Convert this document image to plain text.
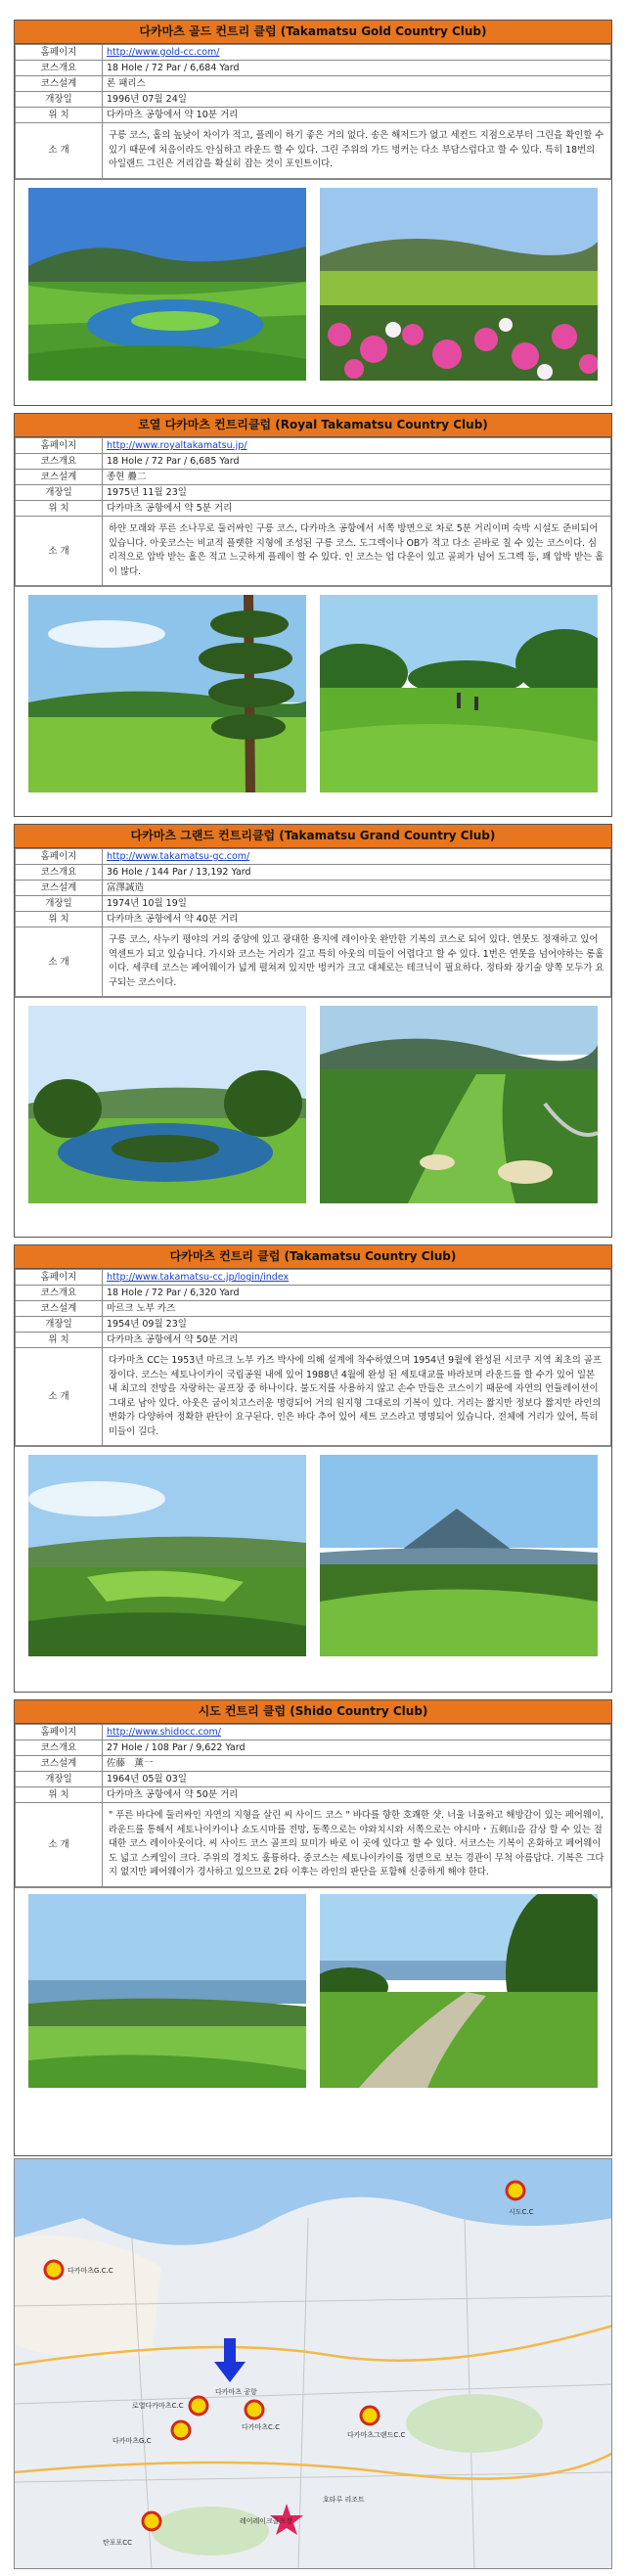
다카마츠 골드 컨트리 클럽 (Takamatsu Gold Country Club)
홈페이지	http://www.gold-cc.com/
코스개요	18 Hole / 72 Par / 6,684 Yard
코스설계	론 패리스
개장일	1996년 07월 24일
위 치	다카마츠 공항에서 약 10분 거리
소 개	구릉 코스, 홀의 높낮이 차이가 적고, 플레이 하기 좋은 거의 없다. 송은 해저드가 없고 세컨드 지점으로부터 그린을 확인할 수 있기 때문에 처음이라도 안심하고 라운드 할 수 있다. 그린 주위의 가드 벙커는 다소 부담스럽다고 할 수 있다. 특히 18번의 아일랜드 그린은 거리감을 확실히 잡는 것이 포인트이다.
로열 다카마츠 컨트리클럽 (Royal Takamatsu Country Club)
홈페이지	http://www.royaltakamatsu.jp/
코스개요	18 Hole / 72 Par / 6,685 Yard
코스설계	종현 疊二
개장일	1975년 11월 23일
위 치	다카마츠 공항에서 약 5분 거리
소 개	하얀 모래와 푸른 소나무로 둘러싸인 구릉 코스, 다카마츠 공항에서 서쪽 방면으로 차로 5분 거리이며 숙박 시설도 준비되어 있습니다. 아웃코스는 비교적 플랫한 지형에 조성된 구릉 코스. 도그렉이나 OB가 적고 다소 곧바로 칠 수 있는 코스이다. 심리적으로 압박 받는 홀은 적고 느긋하게 플레이 할 수 있다. 인 코스는 업 다운이 있고 골퍼가 넘어 도그렉 등, 꽤 압박 받는 홀이 많다.
다카마츠 그랜드 컨트리클럽 (Takamatsu Grand Country Club)
홈페이지	http://www.takamatsu-gc.com/
코스개요	36 Hole / 144 Par / 13,192 Yard
코스설계	富澤誠造
개장일	1974년 10월 19일
위 치	다카마츠 공항에서 약 40분 거리
소 개	구릉 코스, 사누키 평야의 거의 중앙에 있고 광대한 용지에 레이아웃 완만한 기복의 코스로 되어 있다. 연못도 정재하고 있어 역센트가 되고 있습니다. 가시와 코스는 거리가 길고 특히 아웃의 미들이 어렵다고 할 수 있다. 1번은 연못을 넘어야하는 롱홀이다. 세쿠테 코스는 페어웨이가 넓게 펼쳐져 있지만 벙커가 크고 대체로는 테크닉이 필요하다. 정타와 장기술 양쪽 모두가 요구되는 코스이다.
다카마츠 컨트리 클럽 (Takamatsu Country Club)
홈페이지	http://www.takamatsu-cc.jp/login/index
코스개요	18 Hole / 72 Par / 6,320 Yard
코스설계	마르크 노부 카즈
개장일	1954년 09월 23일
위 치	다카마츠 공항에서 약 50분 거리
소 개	다카마츠 CC는 1953년 마르크 노부 카즈 박사에 의해 설계에 착수하였으며 1954년 9월에 완성된 시코쿠 지역 최초의 골프장이다. 코스는 세토나이카이 국립공원 내에 있어 1988년 4월에 완성 된 세토대교를 바라보며 라운드를 할 수가 있어 일본 내 최고의 전망을 자랑하는 골프장 중 하나이다. 불도저를 사용하지 않고 손수 만들은 코스이기 때문에 자연의 언듈레이션이 그대로 남아 있다. 아웃은 굽이치고스러운 명령되어 거의 원지형 그대로의 기복이 있다. 거리는 짧지만 정보다 짧지만 라인의 변화가 다양하여 정확한 판단이 요구된다. 인은 바다 추어 있어 세트 코스라고 명명되어 있습니다. 전체에 거리가 있어, 특히 미들이 길다.
시도 컨트리 클럽 (Shido Country Club)
홈페이지	http://www.shidocc.com/
코스개요	27 Hole / 108 Par / 9,622 Yard
코스설계	佐藤　薰一
개장일	1964년 05월 03일
위 치	다카마츠 공항에서 약 50분 거리
소 개	" 푸른 바다에 둘러싸인 자연의 지형을 살린 씨 사이드 코스 " 바다를 향한 호쾌한 샷. 너울 너울하고 해방감이 있는 페어웨이, 라운드를 통해서 세토나이카이나 쇼도시마를 전망, 동쪽으로는 야와치시와 서쪽으로는 야시마・五剣山을 감상 할 수 있는 절대한 코스 레이아웃이다. 씨 사이드 코스 골프의 묘미가 바로 이 곳에 있다고 할 수 있다. 서코스는 기복이 온화하고 페어웨이도 넓고 스케일이 크다. 주위의 경치도 훌륭하다. 중코스는 세토나이카이를 정면으로 보는 경관이 무척 아름답다. 기복은 그다지 없지만 페어웨이가 경사하고 있으므로 2타 이후는 라인의 판단을 포함해 신중하게 해야 한다.
시도C.C
다카마츠G.C.C
다카마츠 공항
로열다카마츠C.C
다카마츠C.C
다카마츠그랜드C.C
다카마츠G.C
탄포포CC
레이레이크골프장
호타루 리조트
